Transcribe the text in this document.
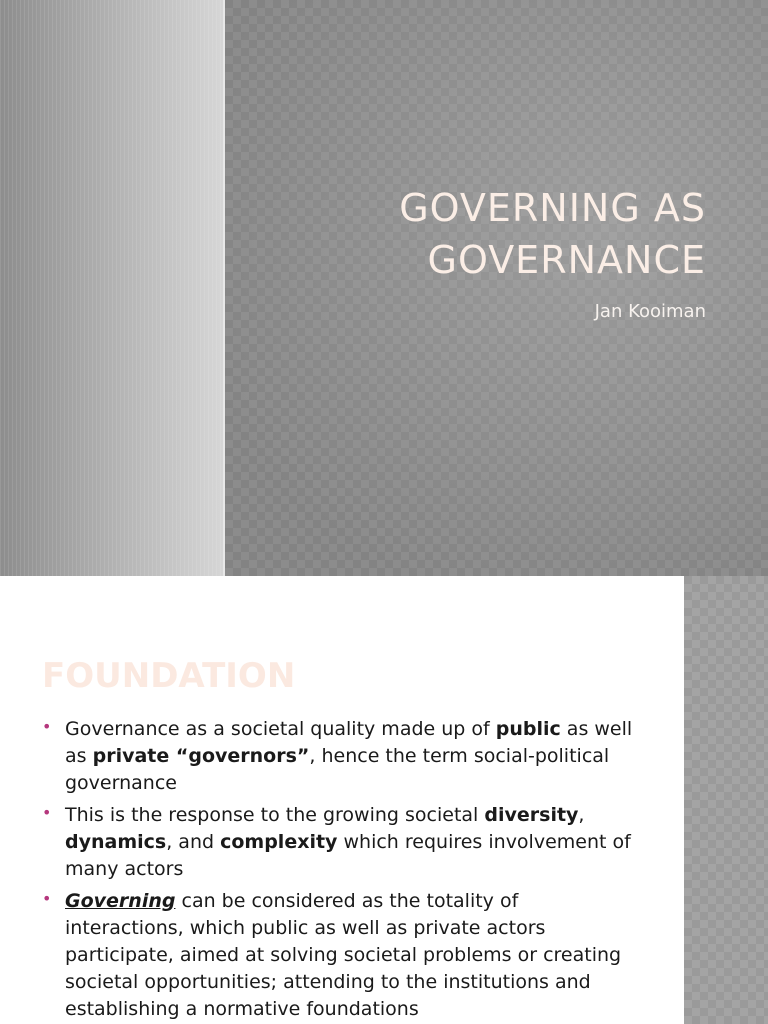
GOVERNING AS
GOVERNANCE

Jan Kooiman

FOUNDATION
• Governance as a societal quality made up of public as well as private “governors”, hence the term social-political governance
• This is the response to the growing societal diversity, dynamics, and complexity which requires involvement of many actors
• Governing can be considered as the totality of interactions, which public as well as private actors participate, aimed at solving societal problems or creating societal opportunities; attending to the institutions and establishing a normative foundations
